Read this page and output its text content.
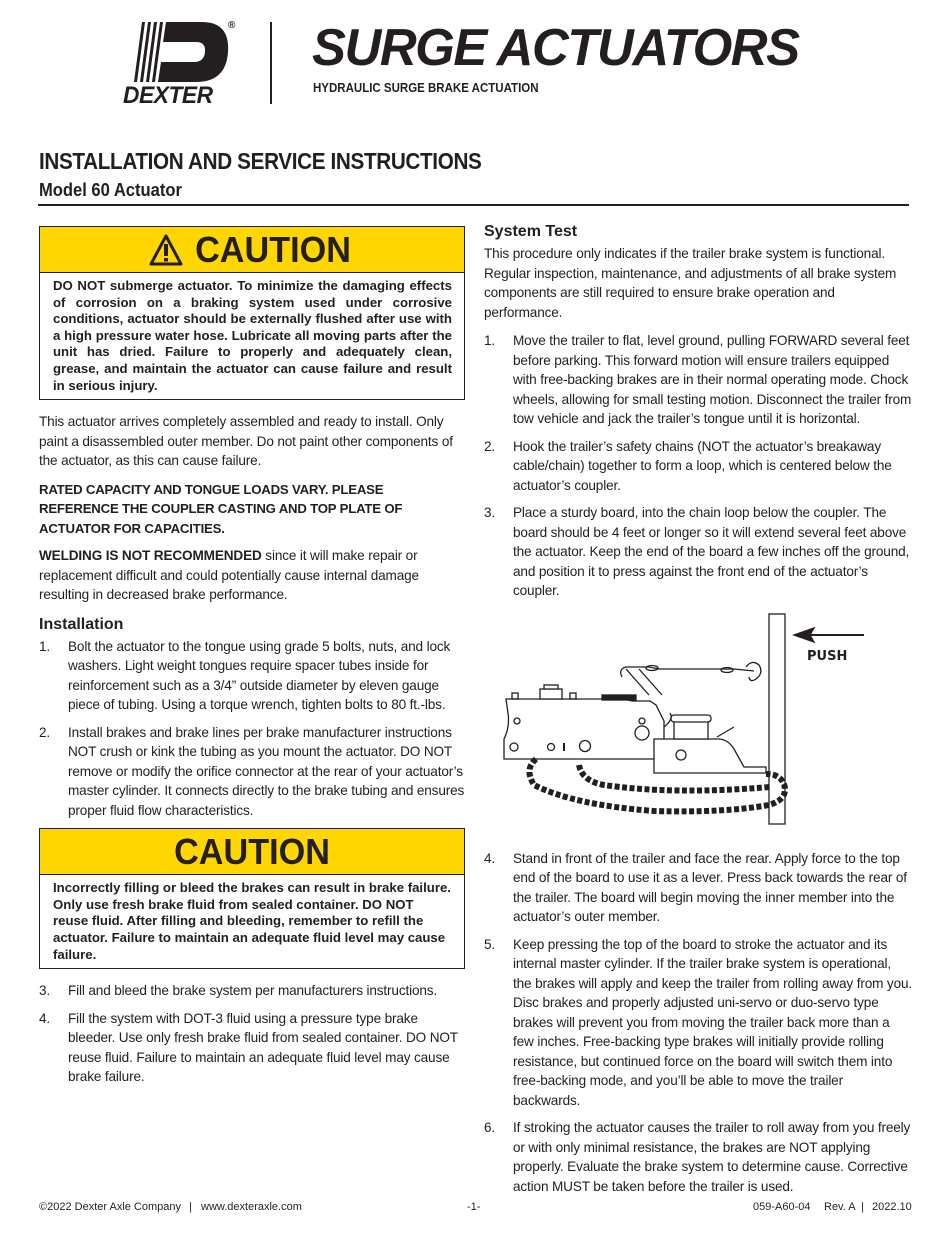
®
DEXTER
SURGE ACTUATORS
HYDRAULIC SURGE BRAKE ACTUATION
INSTALLATION AND SERVICE INSTRUCTIONS
Model 60 Actuator
CAUTION
DO NOT submerge actuator. To minimize the damaging effects of corrosion on a braking system used under corrosive conditions, actuator should be externally flushed after use with a high pressure water hose. Lubricate all moving parts after the unit has dried. Failure to properly and adequately clean, grease, and maintain the actuator can cause failure and result in serious injury.

This actuator arrives completely assembled and ready to install. Only paint a disassembled outer member. Do not paint other components of the actuator, as this can cause failure.

RATED CAPACITY AND TONGUE LOADS VARY. PLEASE REFERENCE THE COUPLER CASTING AND TOP PLATE OF ACTUATOR FOR CAPACITIES.

WELDING IS NOT RECOMMENDED since it will make repair or replacement difficult and could potentially cause internal damage resulting in decreased brake performance.

Installation
1.	Bolt the actuator to the tongue using grade 5 bolts, nuts, and lock washers. Light weight tongues require spacer tubes inside for reinforcement such as a 3/4” outside diameter by eleven gauge piece of tubing. Using a torque wrench, tighten bolts to 80 ft.-lbs.
2.	Install brakes and brake lines per brake manufacturer instructions NOT crush or kink the tubing as you mount the actuator. DO NOT remove or modify the orifice connector at the rear of your actuator’s master cylinder. It connects directly to the brake tubing and ensures proper fluid flow characteristics.
CAUTION
Incorrectly filling or bleed the brakes can result in brake failure. Only use fresh brake fluid from sealed container. DO NOT reuse fluid. After filling and bleeding, remember to refill the actuator. Failure to maintain an adequate fluid level may cause failure.
3.	Fill and bleed the brake system per manufacturers instructions.
4.	Fill the system with DOT-3 fluid using a pressure type brake bleeder. Use only fresh brake fluid from sealed container. DO NOT reuse fluid. Failure to maintain an adequate fluid level may cause brake failure.
System Test

This procedure only indicates if the trailer brake system is functional. Regular inspection, maintenance, and adjustments of all brake system components are still required to ensure brake operation and performance.

1.	Move the trailer to flat, level ground, pulling FORWARD several feet before parking. This forward motion will ensure trailers equipped with free-backing brakes are in their normal operating mode. Chock wheels, allowing for small testing motion. Disconnect the trailer from tow vehicle and jack the trailer’s tongue until it is horizontal.
2.	Hook the trailer’s safety chains (NOT the actuator’s breakaway cable/chain) together to form a loop, which is centered below the actuator’s coupler.
3.	Place a sturdy board, into the chain loop below the coupler. The board should be 4 feet or longer so it will extend several feet above the actuator. Keep the end of the board a few inches off the ground, and position it to press against the front end of the actuator’s coupler.
PUSH
4.	Stand in front of the trailer and face the rear. Apply force to the top end of the board to use it as a lever. Press back towards the rear of the trailer. The board will begin moving the inner member into the actuator’s outer member.
5.	Keep pressing the top of the board to stroke the actuator and its internal master cylinder. If the trailer brake system is operational, the brakes will apply and keep the trailer from rolling away from you. Disc brakes and properly adjusted uni-servo or duo-servo type brakes will prevent you from moving the trailer back more than a few inches. Free-backing type brakes will initially provide rolling resistance, but continued force on the board will switch them into free-backing mode, and you’ll be able to move the trailer backwards.
6.	If stroking the actuator causes the trailer to roll away from you freely or with only minimal resistance, the brakes are NOT applying properly. Evaluate the brake system to determine cause. Corrective action MUST be taken before the trailer is used.
©2022 Dexter Axle Company | www.dexteraxle.com	-1-	059-A60-04 Rev. A | 2022.10
